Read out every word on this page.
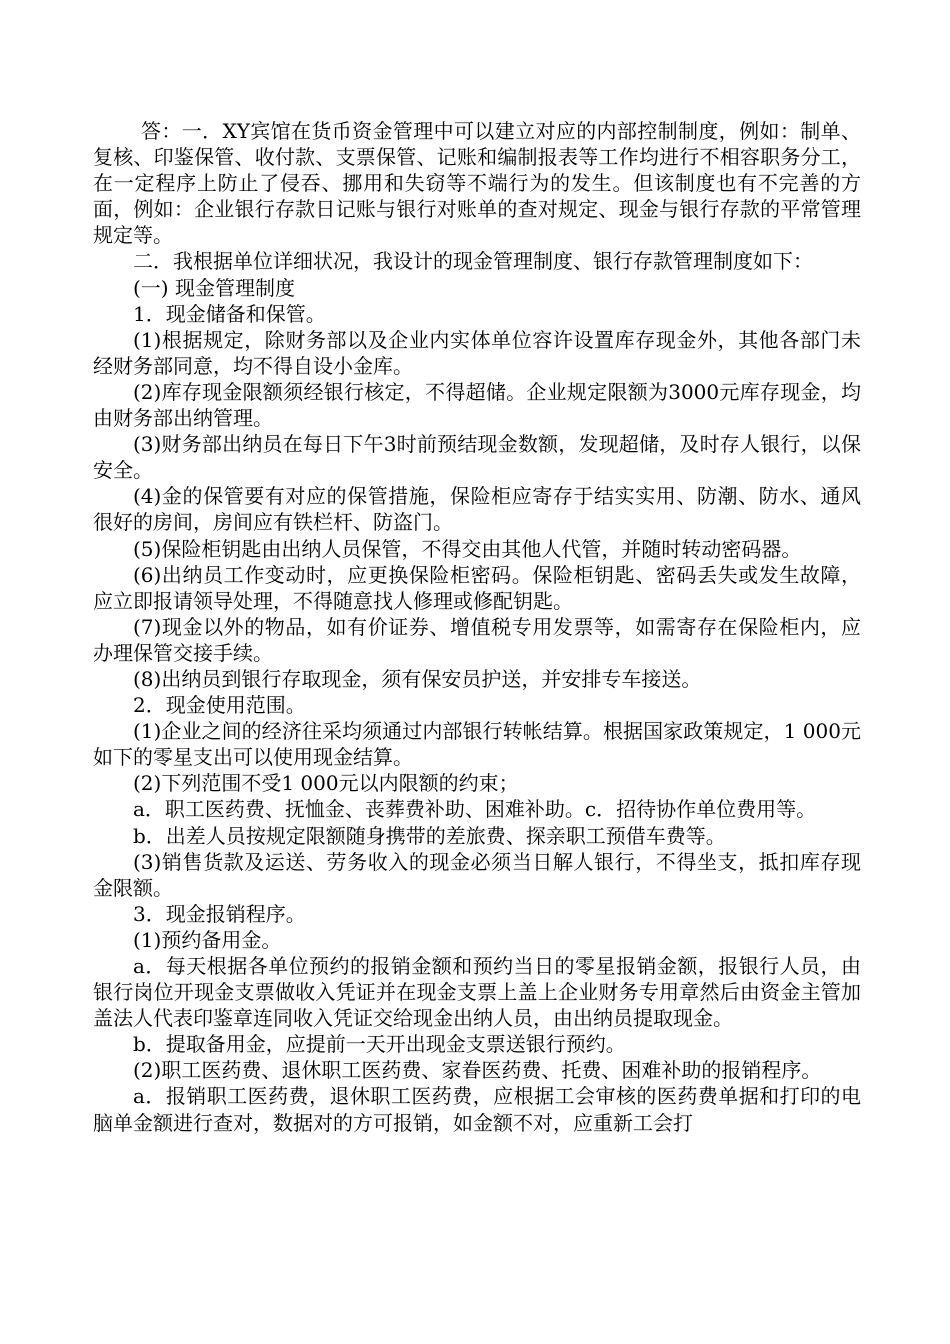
答：一．XY宾馆在货币资金管理中可以建立对应的内部控制制度，例如：制单、复核、印鉴保管、收付款、支票保管、记账和编制报表等工作均进行不相容职务分工，在一定程序上防止了侵吞、挪用和失窃等不端行为的发生。但该制度也有不完善的方面，例如：企业银行存款日记账与银行对账单的查对规定、现金与银行存款的平常管理规定等。

二．我根据单位详细状况，我设计的现金管理制度、银行存款管理制度如下：

(一) 现金管理制度

1．现金储备和保管。

(1)根据规定，除财务部以及企业内实体单位容许设置库存现金外，其他各部门未经财务部同意，均不得自设小金库。

(2)库存现金限额须经银行核定，不得超储。企业规定限额为3000元库存现金，均由财务部出纳管理。

(3)财务部出纳员在每日下午3时前预结现金数额，发现超储，及时存人银行，以保安全。

(4)金的保管要有对应的保管措施，保险柜应寄存于结实实用、防潮、防水、通风很好的房间，房间应有铁栏杆、防盗门。

(5)保险柜钥匙由出纳人员保管，不得交由其他人代管，并随时转动密码器。

(6)出纳员工作变动时，应更换保险柜密码。保险柜钥匙、密码丢失或发生故障，应立即报请领导处理，不得随意找人修理或修配钥匙。

(7)现金以外的物品，如有价证券、增值税专用发票等，如需寄存在保险柜内，应办理保管交接手续。

(8)出纳员到银行存取现金，须有保安员护送，并安排专车接送。

2．现金使用范围。

(1)企业之间的经济往采均须通过内部银行转帐结算。根据国家政策规定，1 000元如下的零星支出可以使用现金结算。

(2)下列范围不受1 000元以内限额的约束；

a．职工医药费、抚恤金、丧葬费补助、困难补助。c．招待协作单位费用等。

b．出差人员按规定限额随身携带的差旅费、探亲职工预借车费等。

(3)销售货款及运送、劳务收入的现金必须当日解人银行，不得坐支，抵扣库存现金限额。

3．现金报销程序。

(1)预约备用金。

a．每天根据各单位预约的报销金额和预约当日的零星报销金额，报银行人员，由银行岗位开现金支票做收入凭证并在现金支票上盖上企业财务专用章然后由资金主管加盖法人代表印鉴章连同收入凭证交给现金出纳人员，由出纳员提取现金。

b．提取备用金，应提前一天开出现金支票送银行预约。

(2)职工医药费、退休职工医药费、家眷医药费、托费、困难补助的报销程序。

a．报销职工医药费，退休职工医药费，应根据工会审核的医药费单据和打印的电脑单金额进行查对，数据对的方可报销，如金额不对，应重新工会打
